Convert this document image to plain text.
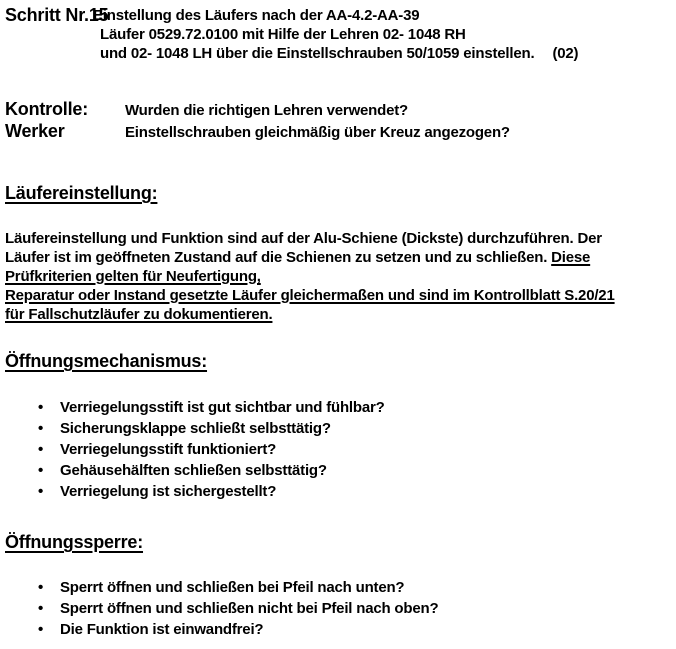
Schritt Nr.15
Einstellung des Läufers nach der AA-4.2-AA-39
Läufer 0529.72.0100 mit Hilfe der Lehren 02- 1048 RH
und 02- 1048 LH über die Einstellschrauben 50/1059 einstellen. (02)
Kontrolle:	Wurden die richtigen Lehren verwendet?
Werker	Einstellschrauben gleichmäßig über Kreuz angezogen?
Läufereinstellung:
Läufereinstellung und Funktion sind auf der Alu-Schiene (Dickste) durchzuführen. Der
Läufer ist im geöffneten Zustand auf die Schienen zu setzen und zu schließen. Diese
Prüfkriterien gelten für Neufertigung,
Reparatur oder Instand gesetzte Läufer gleichermaßen und sind im Kontrollblatt S.20/21
für Fallschutzläufer zu dokumentieren.
Öffnungsmechanismus:
•	Verriegelungsstift ist gut sichtbar und fühlbar?
•	Sicherungsklappe schließt selbsttätig?
•	Verriegelungsstift funktioniert?
•	Gehäusehälften schließen selbsttätig?
•	Verriegelung ist sichergestellt?
Öffnungssperre:
•	Sperrt öffnen und schließen bei Pfeil nach unten?
•	Sperrt öffnen und schließen nicht bei Pfeil nach oben?
•	Die Funktion ist einwandfrei?
